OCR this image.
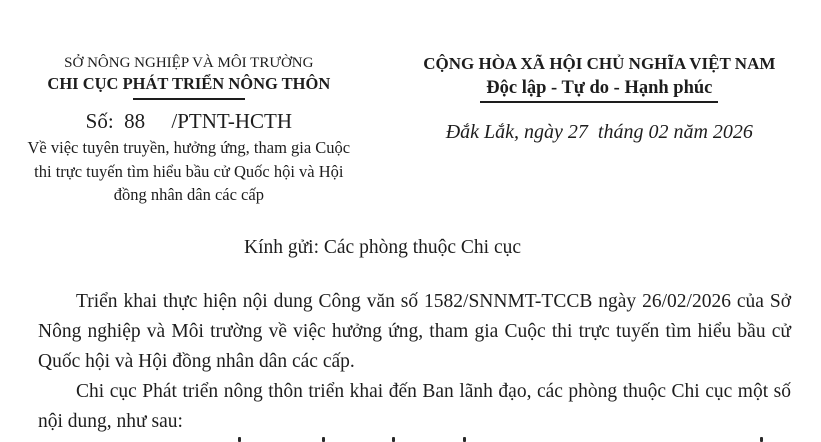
SỞ NÔNG NGHIỆP VÀ MÔI TRƯỜNG
CHI CỤC PHÁT TRIỂN NÔNG THÔN
Số:  88     /PTNT-HCTH
Về việc tuyên truyền, hưởng ứng, tham gia Cuộc thi trực tuyến tìm hiểu bầu cử Quốc hội và Hội đồng nhân dân các cấp
CỘNG HÒA XÃ HỘI CHỦ NGHĨA VIỆT NAM
Độc lập - Tự do - Hạnh phúc
Đắk Lắk, ngày 27  tháng 02 năm 2026
Kính gửi: Các phòng thuộc Chi cục

Triển khai thực hiện nội dung Công văn số 1582/SNNMT-TCCB ngày 26/02/2026 của Sở Nông nghiệp và Môi trường về việc hưởng ứng, tham gia Cuộc thi trực tuyến tìm hiểu bầu cử Quốc hội và Hội đồng nhân dân các cấp.

Chi cục Phát triển nông thôn triển khai đến Ban lãnh đạo, các phòng thuộc Chi cục một số nội dung, như sau:
